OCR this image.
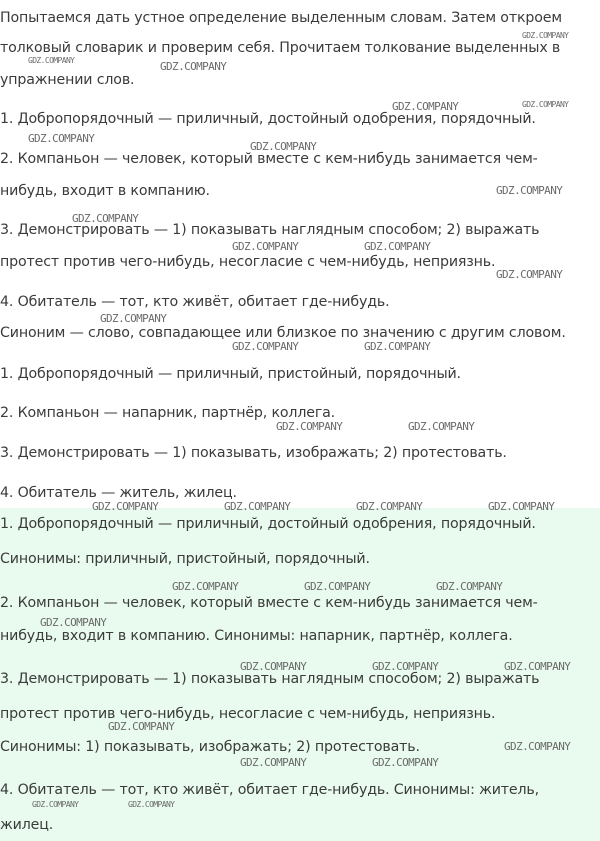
Попытаемся дать устное определение выделенным словам. Затем откроем
толковый словарик и проверим себя. Прочитаем толкование выделенных в
упражнении слов.
1. Добропорядочный — приличный, достойный одобрения, порядочный.
2. Компаньон — человек, который вместе с кем-нибудь занимается чем-
нибудь, входит в компанию.
3. Демонстрировать — 1) показывать наглядным способом; 2) выражать
протест против чего-нибудь, несогласие с чем-нибудь, неприязнь.
4. Обитатель — тот, кто живёт, обитает где-нибудь.
Синоним — слово, совпадающее или близкое по значению с другим словом.
1. Добропорядочный — приличный, пристойный, порядочный.
2. Компаньон — напарник, партнёр, коллега.
3. Демонстрировать — 1) показывать, изображать; 2) протестовать.
4. Обитатель — житель, жилец.
1. Добропорядочный — приличный, достойный одобрения, порядочный.
Синонимы: приличный, пристойный, порядочный.
2. Компаньон — человек, который вместе с кем-нибудь занимается чем-
нибудь, входит в компанию. Синонимы: напарник, партнёр, коллега.
3. Демонстрировать — 1) показывать наглядным способом; 2) выражать
протест против чего-нибудь, несогласие с чем-нибудь, неприязнь.
Синонимы: 1) показывать, изображать; 2) протестовать.
4. Обитатель — тот, кто живёт, обитает где-нибудь. Синонимы: житель,
жилец.
GDZ.COMPANY
GDZ.COMPANY	GDZ.COMPANY
GDZ.COMPANY	GDZ.COMPANY
GDZ.COMPANY
GDZ.COMPANY
GDZ.COMPANY
GDZ.COMPANY
GDZ.COMPANY	GDZ.COMPANY
GDZ.COMPANY
GDZ.COMPANY
GDZ.COMPANY	GDZ.COMPANY
GDZ.COMPANY	GDZ.COMPANY
GDZ.COMPANY	GDZ.COMPANY	GDZ.COMPANY	GDZ.COMPANY
GDZ.COMPANY	GDZ.COMPANY	GDZ.COMPANY
GDZ.COMPANY
GDZ.COMPANY	GDZ.COMPANY	GDZ.COMPANY
GDZ.COMPANY
GDZ.COMPANY
GDZ.COMPANY	GDZ.COMPANY
GDZ.COMPANY	GDZ.COMPANY
